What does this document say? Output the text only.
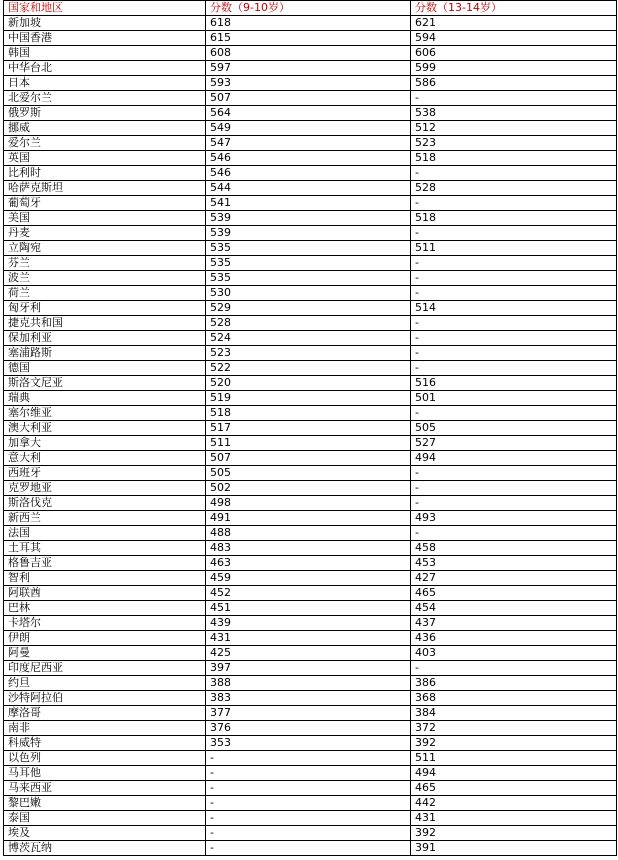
国家和地区	分数（9-10岁）	分数（13-14岁）
新加坡	618	621
中国香港	615	594
韩国	608	606
中华台北	597	599
日本	593	586
北爱尔兰	507	-
俄罗斯	564	538
挪威	549	512
爱尔兰	547	523
英国	546	518
比利时	546	-
哈萨克斯坦	544	528
葡萄牙	541	-
美国	539	518
丹麦	539	-
立陶宛	535	511
芬兰	535	-
波兰	535	-
荷兰	530	-
匈牙利	529	514
捷克共和国	528	-
保加利亚	524	-
塞浦路斯	523	-
德国	522	-
斯洛文尼亚	520	516
瑞典	519	501
塞尔维亚	518	-
澳大利亚	517	505
加拿大	511	527
意大利	507	494
西班牙	505	-
克罗地亚	502	-
斯洛伐克	498	-
新西兰	491	493
法国	488	-
土耳其	483	458
格鲁吉亚	463	453
智利	459	427
阿联酋	452	465
巴林	451	454
卡塔尔	439	437
伊朗	431	436
阿曼	425	403
印度尼西亚	397	-
约旦	388	386
沙特阿拉伯	383	368
摩洛哥	377	384
南非	376	372
科威特	353	392
以色列	-	511
马耳他	-	494
马来西亚	-	465
黎巴嫩	-	442
泰国	-	431
埃及	-	392
博茨瓦纳	-	391
